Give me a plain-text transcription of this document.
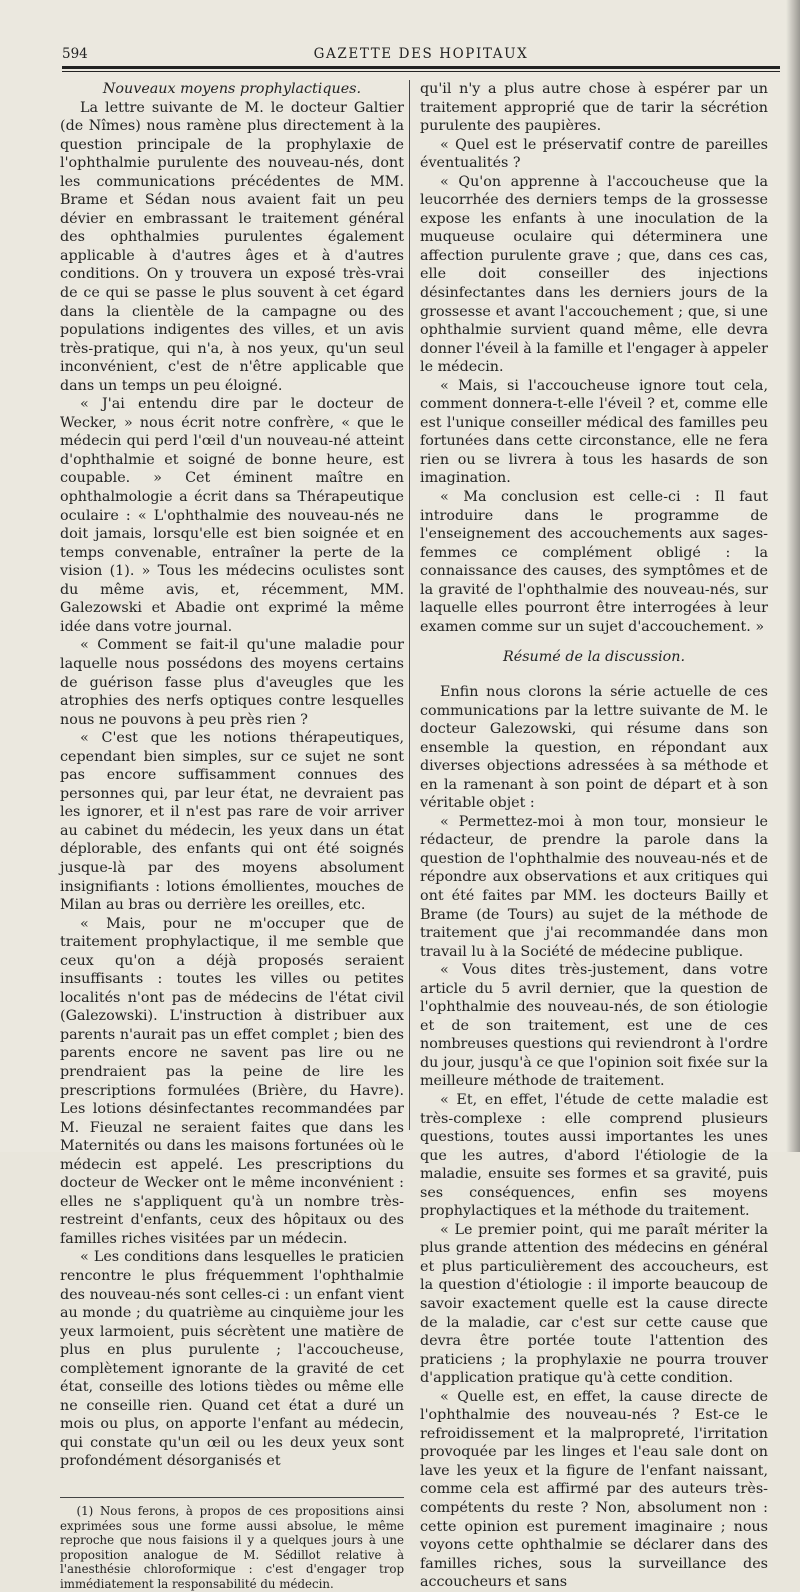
594	GAZETTE DES HOPITAUX

Nouveaux moyens prophylactiques.

La lettre suivante de M. le docteur Galtier (de Nîmes) nous ramène plus directement à la question principale de la prophylaxie de l'ophthalmie purulente des nouveau-nés, dont les communications précédentes de MM. Brame et Sédan nous avaient fait un peu dévier en embrassant le traitement général des ophthalmies purulentes également applicable à d'autres âges et à d'autres conditions. On y trouvera un exposé très-vrai de ce qui se passe le plus souvent à cet égard dans la clientèle de la campagne ou des populations indigentes des villes, et un avis très-pratique, qui n'a, à nos yeux, qu'un seul inconvénient, c'est de n'être applicable que dans un temps un peu éloigné.

« J'ai entendu dire par le docteur de Wecker, » nous écrit notre confrère, « que le médecin qui perd l'œil d'un nouveau-né atteint d'ophthalmie et soigné de bonne heure, est coupable. » Cet éminent maître en ophthalmologie a écrit dans sa Thérapeutique oculaire : « L'ophthalmie des nouveau-nés ne doit jamais, lorsqu'elle est bien soignée et en temps convenable, entraîner la perte de la vision (1). » Tous les médecins oculistes sont du même avis, et, récemment, MM. Galezowski et Abadie ont exprimé la même idée dans votre journal.

« Comment se fait-il qu'une maladie pour laquelle nous possédons des moyens certains de guérison fasse plus d'aveugles que les atrophies des nerfs optiques contre lesquelles nous ne pouvons à peu près rien ?

« C'est que les notions thérapeutiques, cependant bien simples, sur ce sujet ne sont pas encore suffisamment connues des personnes qui, par leur état, ne devraient pas les ignorer, et il n'est pas rare de voir arriver au cabinet du médecin, les yeux dans un état déplorable, des enfants qui ont été soignés jusque-là par des moyens absolument insignifiants : lotions émollientes, mouches de Milan au bras ou derrière les oreilles, etc.

« Mais, pour ne m'occuper que de traitement prophylactique, il me semble que ceux qu'on a déjà proposés seraient insuffisants : toutes les villes ou petites localités n'ont pas de médecins de l'état civil (Galezowski). L'instruction à distribuer aux parents n'aurait pas un effet complet ; bien des parents encore ne savent pas lire ou ne prendraient pas la peine de lire les prescriptions formulées (Brière, du Havre). Les lotions désinfectantes recommandées par M. Fieuzal ne seraient faites que dans les Maternités ou dans les maisons fortunées où le médecin est appelé. Les prescriptions du docteur de Wecker ont le même inconvénient : elles ne s'appliquent qu'à un nombre très-restreint d'enfants, ceux des hôpitaux ou des familles riches visitées par un médecin.

« Les conditions dans lesquelles le praticien rencontre le plus fréquemment l'ophthalmie des nouveau-nés sont celles-ci : un enfant vient au monde ; du quatrième au cinquième jour les yeux larmoient, puis sécrètent une matière de plus en plus purulente ; l'accoucheuse, complètement ignorante de la gravité de cet état, conseille des lotions tièdes ou même elle ne conseille rien. Quand cet état a duré un mois ou plus, on apporte l'enfant au médecin, qui constate qu'un œil ou les deux yeux sont profondément désorganisés et

(1) Nous ferons, à propos de ces propositions ainsi exprimées sous une forme aussi absolue, le même reproche que nous faisions il y a quelques jours à une proposition analogue de M. Sédillot relative à l'anesthésie chloroformique : c'est d'engager trop immédiatement la responsabilité du médecin.

qu'il n'y a plus autre chose à espérer par un traitement approprié que de tarir la sécrétion purulente des paupières.

« Quel est le préservatif contre de pareilles éventualités ?

« Qu'on apprenne à l'accoucheuse que la leucorrhée des derniers temps de la grossesse expose les enfants à une inoculation de la muqueuse oculaire qui déterminera une affection purulente grave ; que, dans ces cas, elle doit conseiller des injections désinfectantes dans les derniers jours de la grossesse et avant l'accouchement ; que, si une ophthalmie survient quand même, elle devra donner l'éveil à la famille et l'engager à appeler le médecin.

« Mais, si l'accoucheuse ignore tout cela, comment donnera-t-elle l'éveil ? et, comme elle est l'unique conseiller médical des familles peu fortunées dans cette circonstance, elle ne fera rien ou se livrera à tous les hasards de son imagination.

« Ma conclusion est celle-ci : Il faut introduire dans le programme de l'enseignement des accouchements aux sages-femmes ce complément obligé : la connaissance des causes, des symptômes et de la gravité de l'ophthalmie des nouveau-nés, sur laquelle elles pourront être interrogées à leur examen comme sur un sujet d'accouchement. »

Résumé de la discussion.

Enfin nous clorons la série actuelle de ces communications par la lettre suivante de M. le docteur Galezowski, qui résume dans son ensemble la question, en répondant aux diverses objections adressées à sa méthode et en la ramenant à son point de départ et à son véritable objet :

« Permettez-moi à mon tour, monsieur le rédacteur, de prendre la parole dans la question de l'ophthalmie des nouveau-nés et de répondre aux observations et aux critiques qui ont été faites par MM. les docteurs Bailly et Brame (de Tours) au sujet de la méthode de traitement que j'ai recommandée dans mon travail lu à la Société de médecine publique.

« Vous dites très-justement, dans votre article du 5 avril dernier, que la question de l'ophthalmie des nouveau-nés, de son étiologie et de son traitement, est une de ces nombreuses questions qui reviendront à l'ordre du jour, jusqu'à ce que l'opinion soit fixée sur la meilleure méthode de traitement.

« Et, en effet, l'étude de cette maladie est très-complexe : elle comprend plusieurs questions, toutes aussi importantes les unes que les autres, d'abord l'étiologie de la maladie, ensuite ses formes et sa gravité, puis ses conséquences, enfin ses moyens prophylactiques et la méthode du traitement.

« Le premier point, qui me paraît mériter la plus grande attention des médecins en général et plus particulièrement des accoucheurs, est la question d'étiologie : il importe beaucoup de savoir exactement quelle est la cause directe de la maladie, car c'est sur cette cause que devra être portée toute l'attention des praticiens ; la prophylaxie ne pourra trouver d'application pratique qu'à cette condition.

« Quelle est, en effet, la cause directe de l'ophthalmie des nouveau-nés ? Est-ce le refroidissement et la malpropreté, l'irritation provoquée par les linges et l'eau sale dont on lave les yeux et la figure de l'enfant naissant, comme cela est affirmé par des auteurs très-compétents du reste ? Non, absolument non : cette opinion est purement imaginaire ; nous voyons cette ophthalmie se déclarer dans des familles riches, sous la surveillance des accoucheurs et sans
